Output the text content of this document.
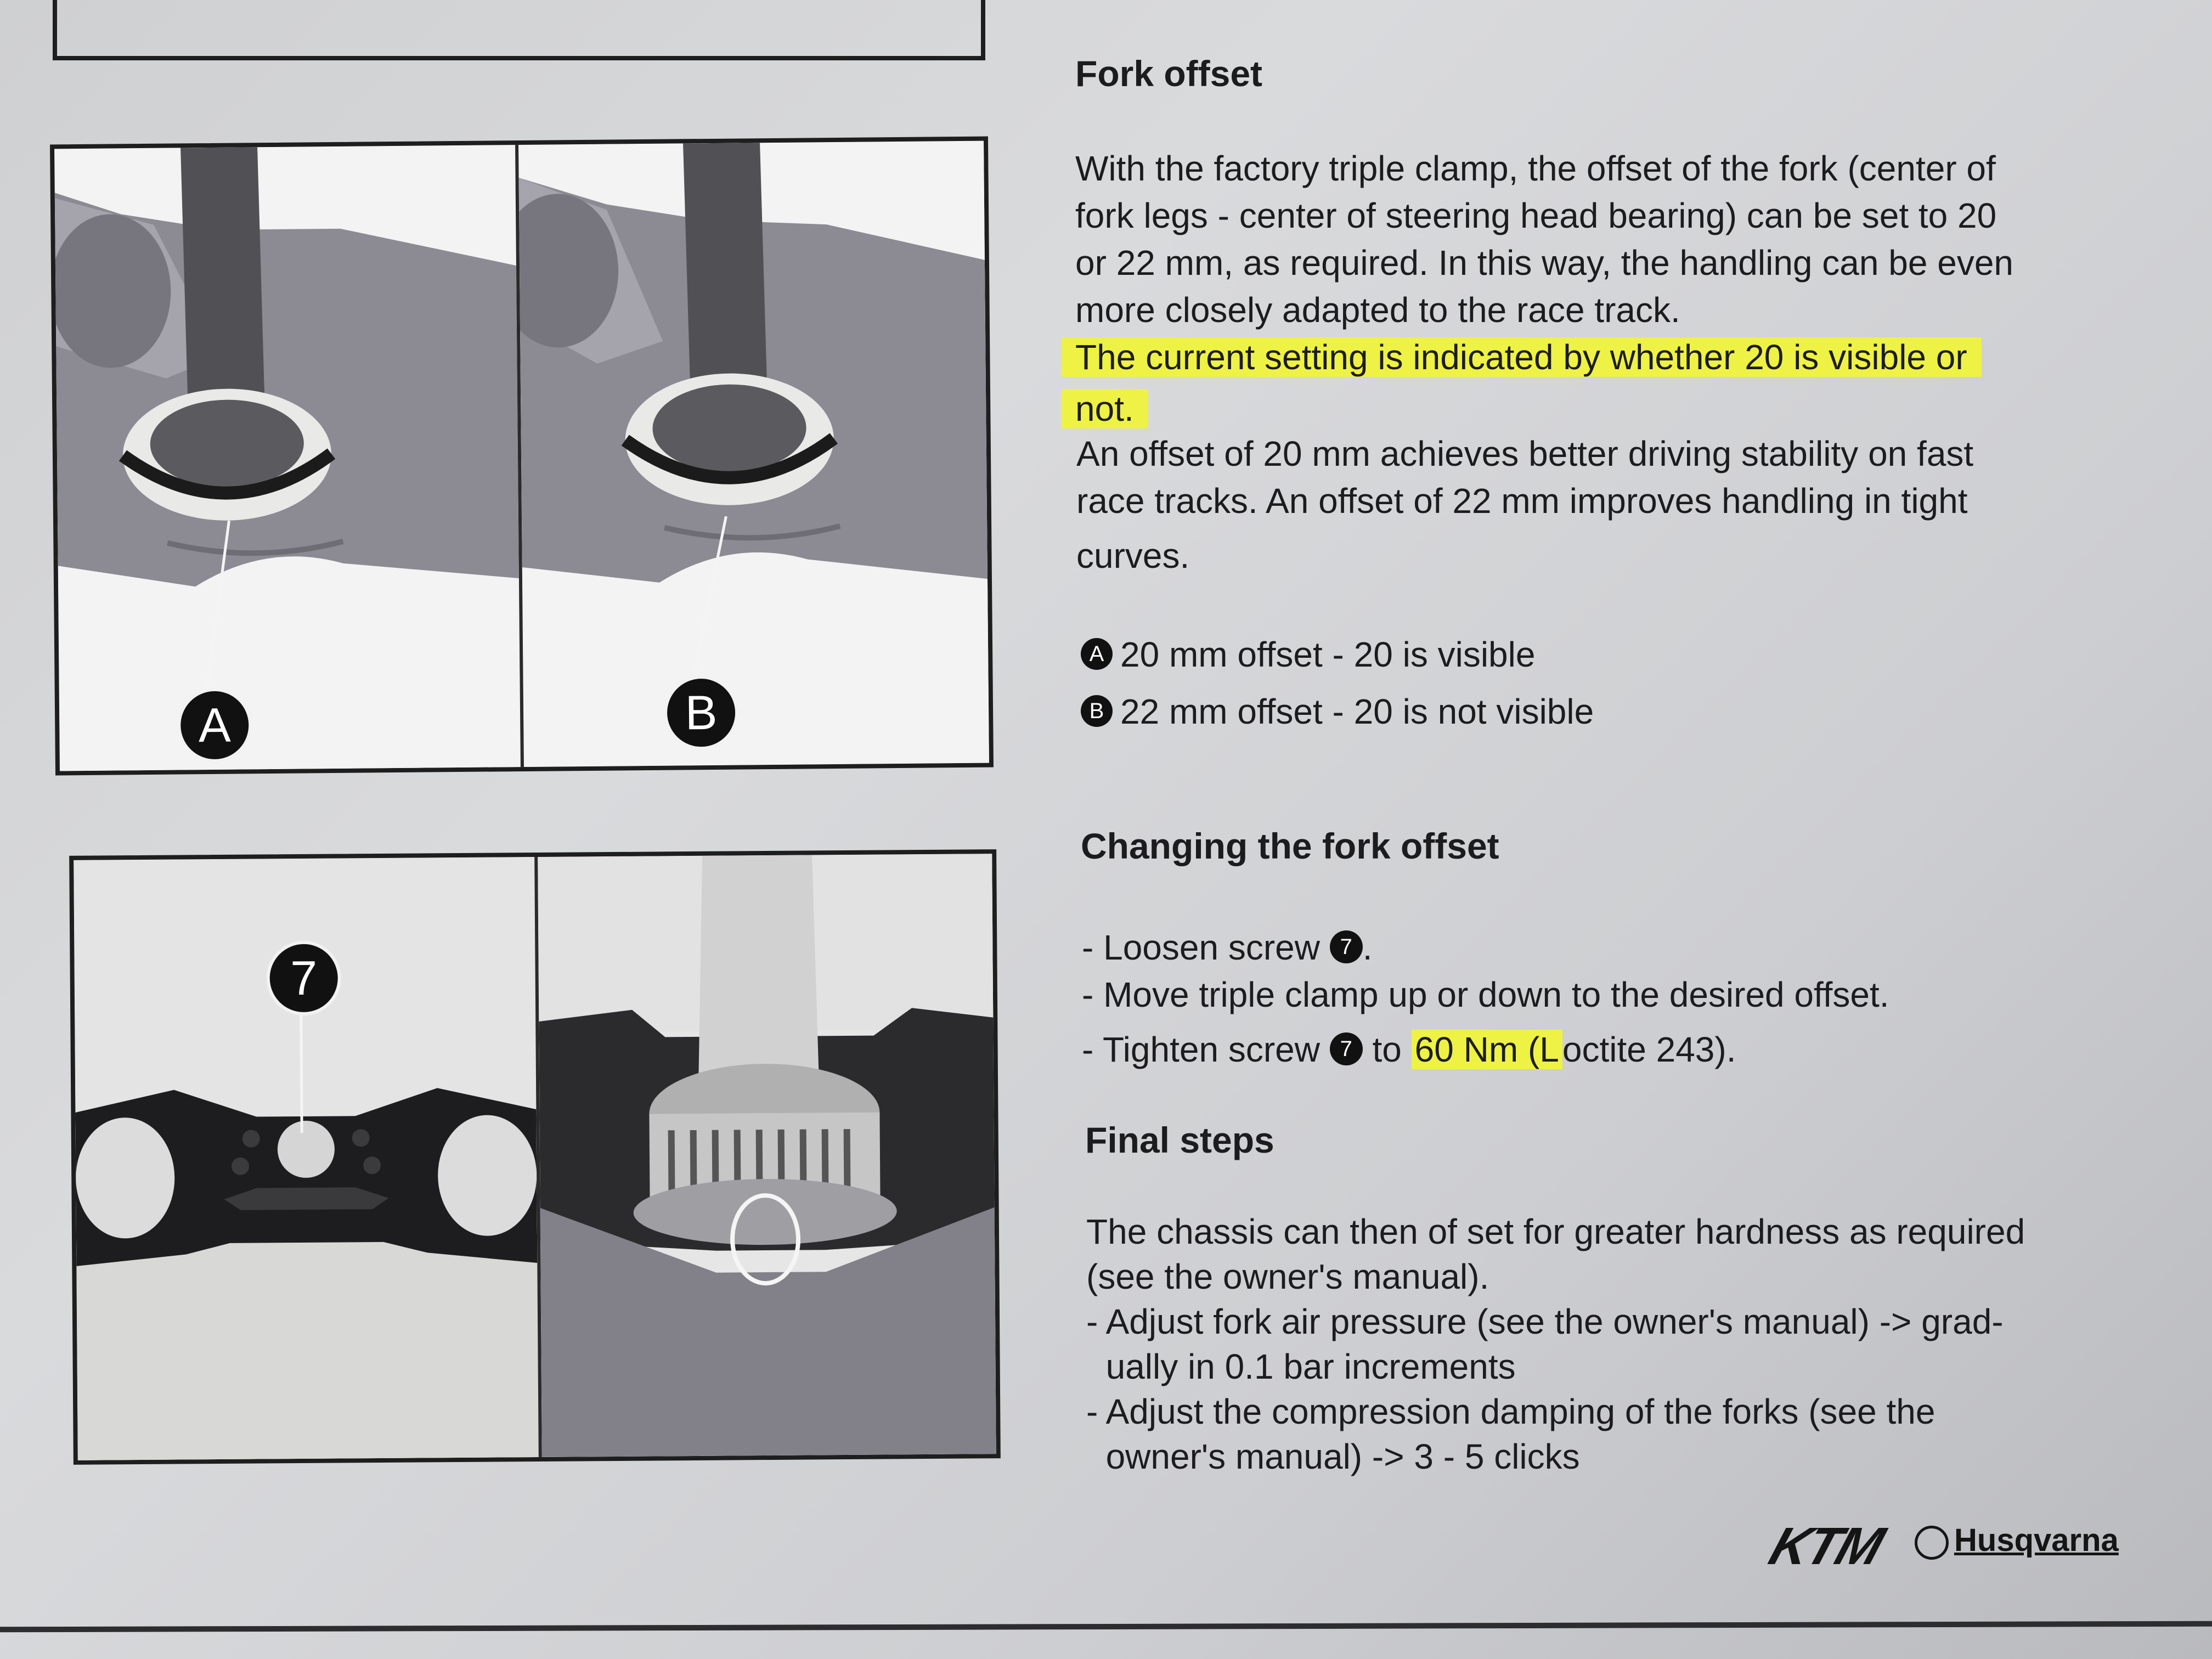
A	B
7
Fork offset
With the factory triple clamp, the offset of the fork (center of
fork legs - center of steering head bearing) can be set to 20
or 22 mm, as required. In this way, the handling can be even
more closely adapted to the race track.
The current setting is indicated by whether 20 is visible or
not.
An offset of 20 mm achieves better driving stability on fast
race tracks. An offset of 22 mm improves handling in tight
curves.
A 20 mm offset - 20 is visible
B 22 mm offset - 20 is not visible
Changing the fork offset
- Loosen screw 7 .
- Move triple clamp up or down to the desired offset.
- Tighten screw 7 to 60 Nm (Loctite 243).
Final steps
The chassis can then of set for greater hardness as required
(see the owner's manual).
- Adjust fork air pressure (see the owner's manual) -> grad-
ually in 0.1 bar increments
- Adjust the compression damping of the forks (see the
owner's manual) -> 3 - 5 clicks
KTM	Husqvarna
